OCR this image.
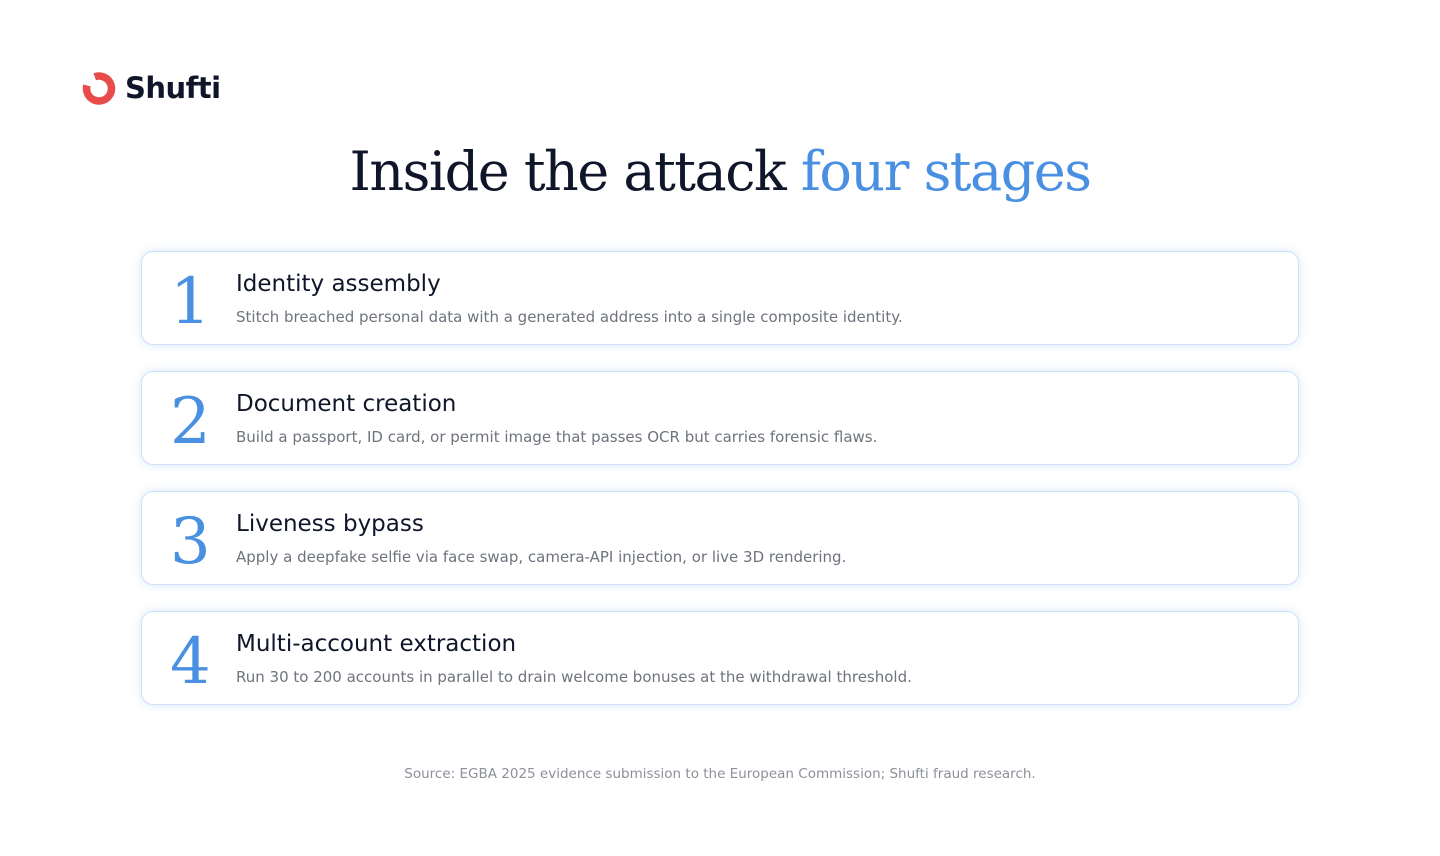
Shufti
Inside the attack four stages
1	Identity assembly
Stitch breached personal data with a generated address into a single composite identity.
2	Document creation
Build a passport, ID card, or permit image that passes OCR but carries forensic flaws.
3	Liveness bypass
Apply a deepfake selfie via face swap, camera-API injection, or live 3D rendering.
4	Multi-account extraction
Run 30 to 200 accounts in parallel to drain welcome bonuses at the withdrawal threshold.
Source: EGBA 2025 evidence submission to the European Commission; Shufti fraud research.
